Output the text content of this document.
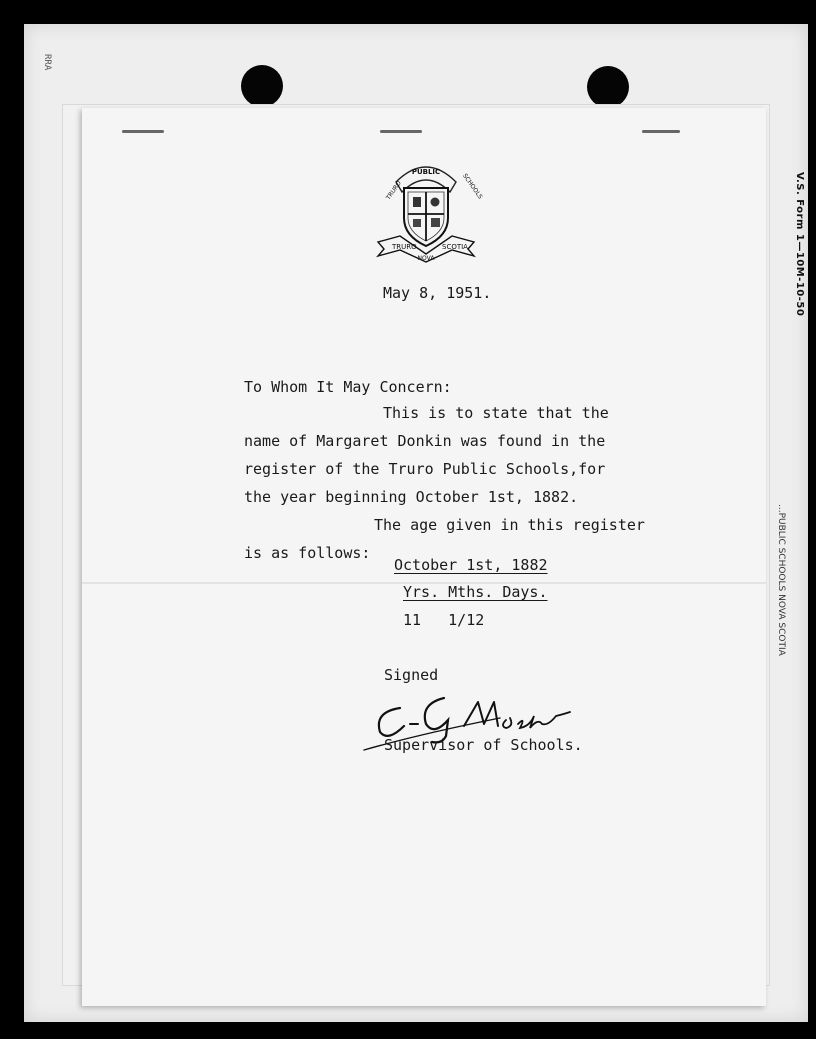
RRA
V.S. Form 1—10M-10-50
...PUBLIC SCHOOLS NOVA SCOTIA
PUBLIC
TRURO	SCHOOLS
TRURO	SCOTIA
NOVA
May 8, 1951.
To Whom It May Concern:
This is to state that the
name of Margaret Donkin was found in the
register of the Truro Public Schools,for
the year beginning October 1st, 1882.
The age given in this register
is as follows:
October 1st, 1882
Yrs. Mths. Days.
11   1/12
Signed
Supervisor of Schools.
